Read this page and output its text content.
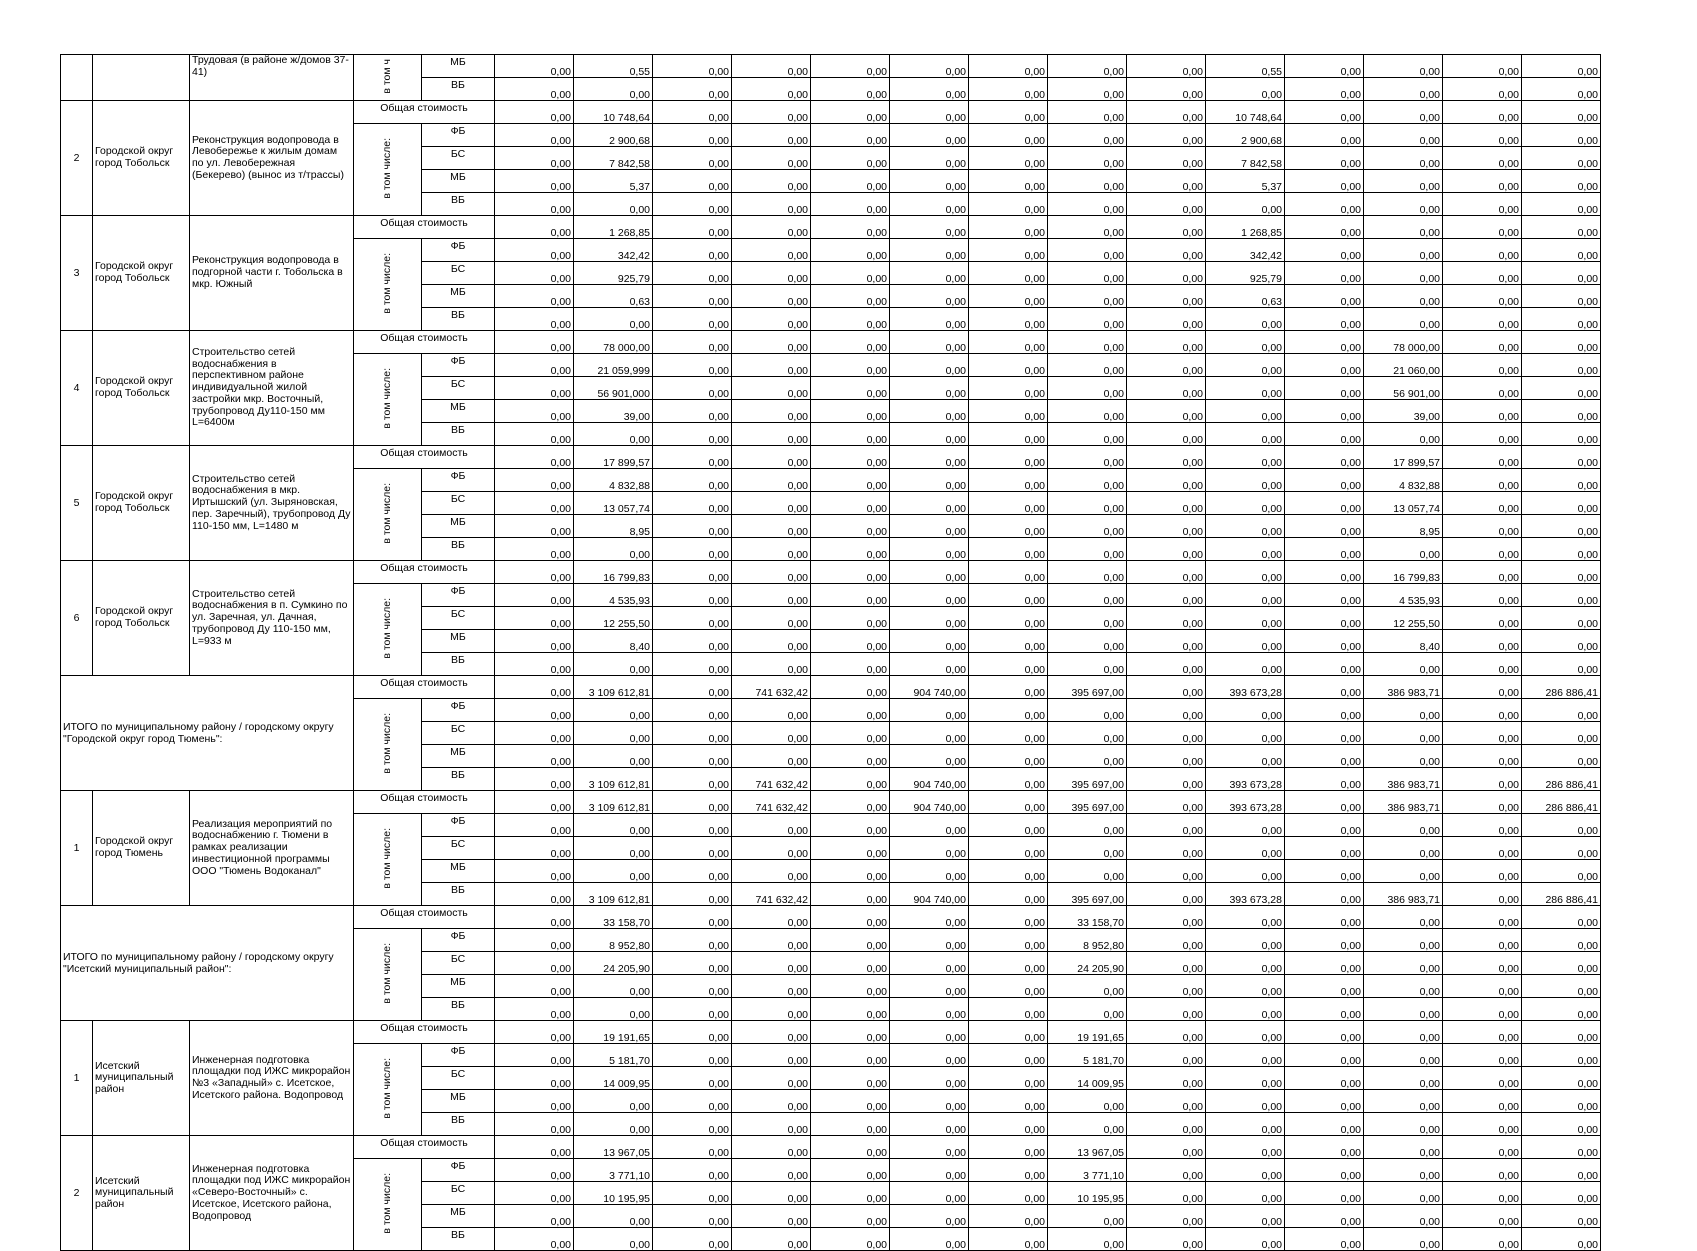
		Трудовая (в районе ж/домов 37-41)	в том ч	МБ	0,00	0,55	0,00	0,00	0,00	0,00	0,00	0,00	0,00	0,55	0,00	0,00	0,00	0,00
				ВБ	0,00	0,00	0,00	0,00	0,00	0,00	0,00	0,00	0,00	0,00	0,00	0,00	0,00	0,00
2	Городской округ город Тобольск	Реконструкция водопровода в Левобережье к жилым домам по ул. Левобережная (Бекерево) (вынос из т/трассы)	Общая стоимость		0,00	10 748,64	0,00	0,00	0,00	0,00	0,00	0,00	0,00	10 748,64	0,00	0,00	0,00	0,00
			в том числе:	ФБ	0,00	2 900,68	0,00	0,00	0,00	0,00	0,00	0,00	0,00	2 900,68	0,00	0,00	0,00	0,00
				БС	0,00	7 842,58	0,00	0,00	0,00	0,00	0,00	0,00	0,00	7 842,58	0,00	0,00	0,00	0,00
				МБ	0,00	5,37	0,00	0,00	0,00	0,00	0,00	0,00	0,00	5,37	0,00	0,00	0,00	0,00
				ВБ	0,00	0,00	0,00	0,00	0,00	0,00	0,00	0,00	0,00	0,00	0,00	0,00	0,00	0,00
3	Городской округ город Тобольск	Реконструкция водопровода в подгорной части г. Тобольска в мкр. Южный	Общая стоимость		0,00	1 268,85	0,00	0,00	0,00	0,00	0,00	0,00	0,00	1 268,85	0,00	0,00	0,00	0,00
			в том числе:	ФБ	0,00	342,42	0,00	0,00	0,00	0,00	0,00	0,00	0,00	342,42	0,00	0,00	0,00	0,00
				БС	0,00	925,79	0,00	0,00	0,00	0,00	0,00	0,00	0,00	925,79	0,00	0,00	0,00	0,00
				МБ	0,00	0,63	0,00	0,00	0,00	0,00	0,00	0,00	0,00	0,63	0,00	0,00	0,00	0,00
				ВБ	0,00	0,00	0,00	0,00	0,00	0,00	0,00	0,00	0,00	0,00	0,00	0,00	0,00	0,00
4	Городской округ город Тобольск	Строительство сетей водоснабжения в перспективном районе индивидуальной жилой застройки мкр. Восточный, трубопровод Ду110-150 мм L=6400м	Общая стоимость		0,00	78 000,00	0,00	0,00	0,00	0,00	0,00	0,00	0,00	0,00	0,00	78 000,00	0,00	0,00
			в том числе:	ФБ	0,00	21 059,999	0,00	0,00	0,00	0,00	0,00	0,00	0,00	0,00	0,00	21 060,00	0,00	0,00
				БС	0,00	56 901,000	0,00	0,00	0,00	0,00	0,00	0,00	0,00	0,00	0,00	56 901,00	0,00	0,00
				МБ	0,00	39,00	0,00	0,00	0,00	0,00	0,00	0,00	0,00	0,00	0,00	39,00	0,00	0,00
				ВБ	0,00	0,00	0,00	0,00	0,00	0,00	0,00	0,00	0,00	0,00	0,00	0,00	0,00	0,00
5	Городской округ город Тобольск	Строительство сетей водоснабжения в мкр. Иртышский (ул. Зыряновская, пер. Заречный), трубопровод Ду 110-150 мм, L=1480 м	Общая стоимость		0,00	17 899,57	0,00	0,00	0,00	0,00	0,00	0,00	0,00	0,00	0,00	17 899,57	0,00	0,00
			в том числе:	ФБ	0,00	4 832,88	0,00	0,00	0,00	0,00	0,00	0,00	0,00	0,00	0,00	4 832,88	0,00	0,00
				БС	0,00	13 057,74	0,00	0,00	0,00	0,00	0,00	0,00	0,00	0,00	0,00	13 057,74	0,00	0,00
				МБ	0,00	8,95	0,00	0,00	0,00	0,00	0,00	0,00	0,00	0,00	0,00	8,95	0,00	0,00
				ВБ	0,00	0,00	0,00	0,00	0,00	0,00	0,00	0,00	0,00	0,00	0,00	0,00	0,00	0,00
6	Городской округ город Тобольск	Строительство сетей водоснабжения в п. Сумкино по ул. Заречная, ул. Дачная, трубопровод Ду 110-150 мм, L=933 м	Общая стоимость		0,00	16 799,83	0,00	0,00	0,00	0,00	0,00	0,00	0,00	0,00	0,00	16 799,83	0,00	0,00
			в том числе:	ФБ	0,00	4 535,93	0,00	0,00	0,00	0,00	0,00	0,00	0,00	0,00	0,00	4 535,93	0,00	0,00
				БС	0,00	12 255,50	0,00	0,00	0,00	0,00	0,00	0,00	0,00	0,00	0,00	12 255,50	0,00	0,00
				МБ	0,00	8,40	0,00	0,00	0,00	0,00	0,00	0,00	0,00	0,00	0,00	8,40	0,00	0,00
				ВБ	0,00	0,00	0,00	0,00	0,00	0,00	0,00	0,00	0,00	0,00	0,00	0,00	0,00	0,00
ИТОГО по муниципальному району / городскому округу "Городской округ город Тюмень":			Общая стоимость		0,00	3 109 612,81	0,00	741 632,42	0,00	904 740,00	0,00	395 697,00	0,00	393 673,28	0,00	386 983,71	0,00	286 886,41
			в том числе:	ФБ	0,00	0,00	0,00	0,00	0,00	0,00	0,00	0,00	0,00	0,00	0,00	0,00	0,00	0,00
				БС	0,00	0,00	0,00	0,00	0,00	0,00	0,00	0,00	0,00	0,00	0,00	0,00	0,00	0,00
				МБ	0,00	0,00	0,00	0,00	0,00	0,00	0,00	0,00	0,00	0,00	0,00	0,00	0,00	0,00
				ВБ	0,00	3 109 612,81	0,00	741 632,42	0,00	904 740,00	0,00	395 697,00	0,00	393 673,28	0,00	386 983,71	0,00	286 886,41
1	Городской округ город Тюмень	Реализация мероприятий по водоснабжению г. Тюмени в рамках реализации инвестиционной программы ООО "Тюмень Водоканал"	Общая стоимость		0,00	3 109 612,81	0,00	741 632,42	0,00	904 740,00	0,00	395 697,00	0,00	393 673,28	0,00	386 983,71	0,00	286 886,41
			в том числе:	ФБ	0,00	0,00	0,00	0,00	0,00	0,00	0,00	0,00	0,00	0,00	0,00	0,00	0,00	0,00
				БС	0,00	0,00	0,00	0,00	0,00	0,00	0,00	0,00	0,00	0,00	0,00	0,00	0,00	0,00
				МБ	0,00	0,00	0,00	0,00	0,00	0,00	0,00	0,00	0,00	0,00	0,00	0,00	0,00	0,00
				ВБ	0,00	3 109 612,81	0,00	741 632,42	0,00	904 740,00	0,00	395 697,00	0,00	393 673,28	0,00	386 983,71	0,00	286 886,41
ИТОГО по муниципальному району / городскому округу "Исетский муниципальный район":			Общая стоимость		0,00	33 158,70	0,00	0,00	0,00	0,00	0,00	33 158,70	0,00	0,00	0,00	0,00	0,00	0,00
			в том числе:	ФБ	0,00	8 952,80	0,00	0,00	0,00	0,00	0,00	8 952,80	0,00	0,00	0,00	0,00	0,00	0,00
				БС	0,00	24 205,90	0,00	0,00	0,00	0,00	0,00	24 205,90	0,00	0,00	0,00	0,00	0,00	0,00
				МБ	0,00	0,00	0,00	0,00	0,00	0,00	0,00	0,00	0,00	0,00	0,00	0,00	0,00	0,00
				ВБ	0,00	0,00	0,00	0,00	0,00	0,00	0,00	0,00	0,00	0,00	0,00	0,00	0,00	0,00
1	Исетский муниципальный район	Инженерная подготовка площадки под ИЖС микрорайон №3 «Западный» с. Исетское, Исетского района. Водопровод	Общая стоимость		0,00	19 191,65	0,00	0,00	0,00	0,00	0,00	19 191,65	0,00	0,00	0,00	0,00	0,00	0,00
			в том числе:	ФБ	0,00	5 181,70	0,00	0,00	0,00	0,00	0,00	5 181,70	0,00	0,00	0,00	0,00	0,00	0,00
				БС	0,00	14 009,95	0,00	0,00	0,00	0,00	0,00	14 009,95	0,00	0,00	0,00	0,00	0,00	0,00
				МБ	0,00	0,00	0,00	0,00	0,00	0,00	0,00	0,00	0,00	0,00	0,00	0,00	0,00	0,00
				ВБ	0,00	0,00	0,00	0,00	0,00	0,00	0,00	0,00	0,00	0,00	0,00	0,00	0,00	0,00
2	Исетский муниципальный район	Инженерная подготовка площадки под ИЖС микрорайон «Северо-Восточный» с. Исетское, Исетского района, Водопровод	Общая стоимость		0,00	13 967,05	0,00	0,00	0,00	0,00	0,00	13 967,05	0,00	0,00	0,00	0,00	0,00	0,00
			в том числе:	ФБ	0,00	3 771,10	0,00	0,00	0,00	0,00	0,00	3 771,10	0,00	0,00	0,00	0,00	0,00	0,00
				БС	0,00	10 195,95	0,00	0,00	0,00	0,00	0,00	10 195,95	0,00	0,00	0,00	0,00	0,00	0,00
				МБ	0,00	0,00	0,00	0,00	0,00	0,00	0,00	0,00	0,00	0,00	0,00	0,00	0,00	0,00
				ВБ	0,00	0,00	0,00	0,00	0,00	0,00	0,00	0,00	0,00	0,00	0,00	0,00	0,00	0,00
